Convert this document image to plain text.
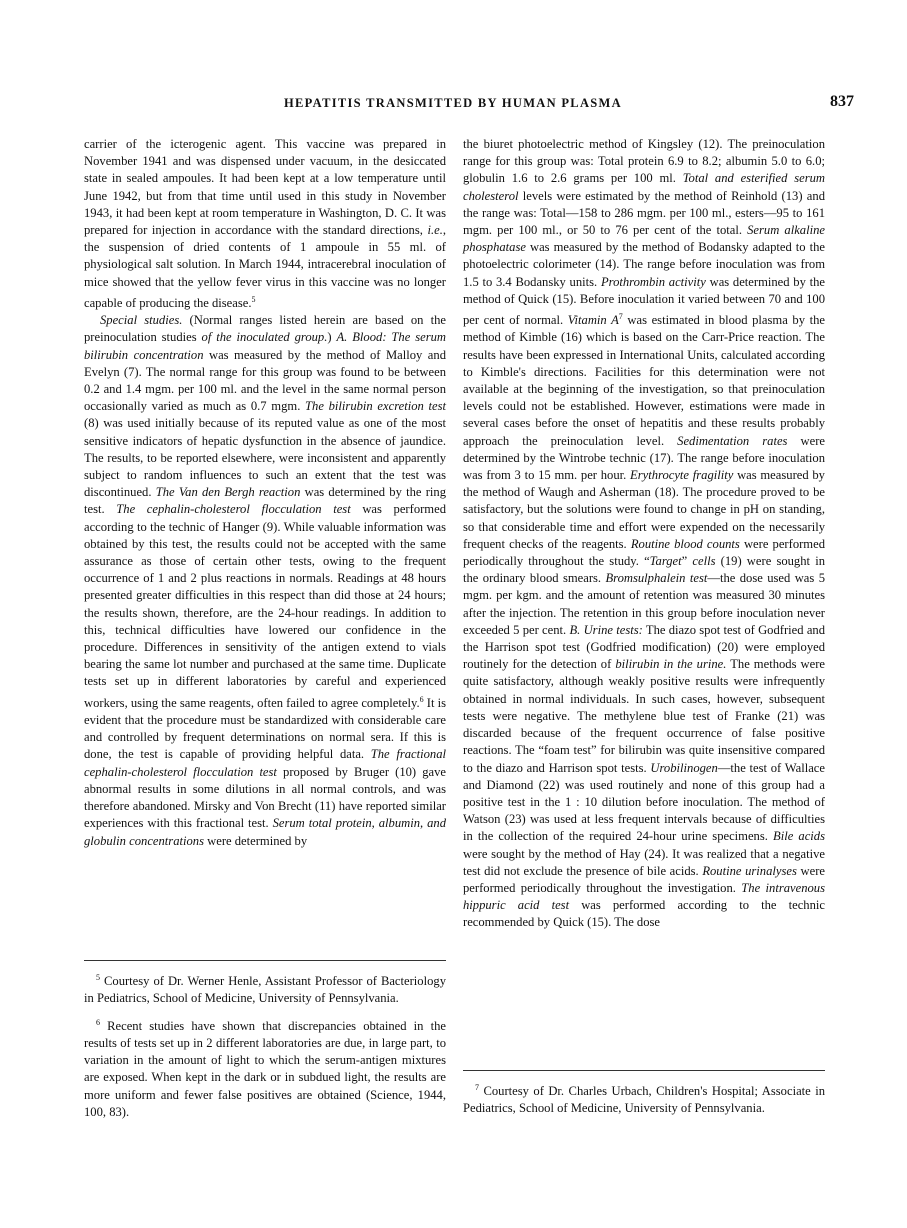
HEPATITIS TRANSMITTED BY HUMAN PLASMA	837

carrier of the icterogenic agent. This vaccine was prepared in November 1941 and was dispensed under vacuum, in the desiccated state in sealed ampoules. It had been kept at a low temperature until June 1942, but from that time until used in this study in November 1943, it had been kept at room temperature in Washington, D. C. It was prepared for injection in accordance with the standard directions, i.e., the suspension of dried contents of 1 ampoule in 55 ml. of physiological salt solution. In March 1944, intracerebral inoculation of mice showed that the yellow fever virus in this vaccine was no longer capable of producing the disease.$^5$

Special studies. (Normal ranges listed herein are based on the preinoculation studies of the inoculated group.) A. Blood: The serum bilirubin concentration was measured by the method of Malloy and Evelyn (7). The normal range for this group was found to be between 0.2 and 1.4 mgm. per 100 ml. and the level in the same normal person occasionally varied as much as 0.7 mgm. The bilirubin excretion test (8) was used initially because of its reputed value as one of the most sensitive indicators of hepatic dysfunction in the absence of jaundice. The results, to be reported elsewhere, were inconsistent and apparently subject to random influences to such an extent that the test was discontinued. The Van den Bergh reaction was determined by the ring test. The cephalin-cholesterol flocculation test was performed according to the technic of Hanger (9). While valuable information was obtained by this test, the results could not be accepted with the same assurance as those of certain other tests, owing to the frequent occurrence of 1 and 2 plus reactions in normals. Readings at 48 hours presented greater difficulties in this respect than did those at 24 hours; the results shown, therefore, are the 24-hour readings. In addition to this, technical difficulties have lowered our confidence in the procedure. Differences in sensitivity of the antigen extend to vials bearing the same lot number and purchased at the same time. Duplicate tests set up in different laboratories by careful and experienced workers, using the same reagents, often failed to agree completely.$^6$ It is evident that the procedure must be standardized with considerable care and controlled by frequent determinations on normal sera. If this is done, the test is capable of providing helpful data. The fractional cephalin-cholesterol flocculation test proposed by Bruger (10) gave abnormal results in some dilutions in all normal controls, and was therefore abandoned. Mirsky and Von Brecht (11) have reported similar experiences with this fractional test. Serum total protein, albumin, and globulin concentrations were determined by

the biuret photoelectric method of Kingsley (12). The preinoculation range for this group was: Total protein 6.9 to 8.2; albumin 5.0 to 6.0; globulin 1.6 to 2.6 grams per 100 ml. Total and esterified serum cholesterol levels were estimated by the method of Reinhold (13) and the range was: Total—158 to 286 mgm. per 100 ml., esters—95 to 161 mgm. per 100 ml., or 50 to 76 per cent of the total. Serum alkaline phosphatase was measured by the method of Bodansky adapted to the photoelectric colorimeter (14). The range before inoculation was from 1.5 to 3.4 Bodansky units. Prothrombin activity was determined by the method of Quick (15). Before inoculation it varied between 70 and 100 per cent of normal. Vitamin $A^7$ was estimated in blood plasma by the method of Kimble (16) which is based on the Carr-Price reaction. The results have been expressed in International Units, calculated according to Kimble's directions. Facilities for this determination were not available at the beginning of the investigation, so that preinoculation levels could not be established. However, estimations were made in several cases before the onset of hepatitis and these results probably approach the preinoculation level. Sedimentation rates were determined by the Wintrobe technic (17). The range before inoculation was from 3 to 15 mm. per hour. Erythrocyte fragility was measured by the method of Waugh and Asherman (18). The procedure proved to be satisfactory, but the solutions were found to change in pH on standing, so that considerable time and effort were expended on the necessarily frequent checks of the reagents. Routine blood counts were performed periodically throughout the study. “Target” cells (19) were sought in the ordinary blood smears. Bromsulphalein test—the dose used was 5 mgm. per kgm. and the amount of retention was measured 30 minutes after the injection. The retention in this group before inoculation never exceeded 5 per cent. B. Urine tests: The diazo spot test of Godfried and the Harrison spot test (Godfried modification) (20) were employed routinely for the detection of bilirubin in the urine. The methods were quite satisfactory, although weakly positive results were infrequently obtained in normal individuals. In such cases, however, subsequent tests were negative. The methylene blue test of Franke (21) was discarded because of the frequent occurrence of false positive reactions. The “foam test” for bilirubin was quite insensitive compared to the diazo and Harrison spot tests. Urobilinogen—the test of Wallace and Diamond (22) was used routinely and none of this group had a positive test in the 1 : 10 dilution before inoculation. The method of Watson (23) was used at less frequent intervals because of difficulties in the collection of the required 24-hour urine specimens. Bile acids were sought by the method of Hay (24). It was realized that a negative test did not exclude the presence of bile acids. Routine urinalyses were performed periodically throughout the investigation. The intravenous hippuric acid test was performed according to the technic recommended by Quick (15). The dose

$^5$ Courtesy of Dr. Werner Henle, Assistant Professor of Bacteriology in Pediatrics, School of Medicine, University of Pennsylvania.

$^6$ Recent studies have shown that discrepancies obtained in the results of tests set up in 2 different laboratories are due, in large part, to variation in the amount of light to which the serum-antigen mixtures are exposed. When kept in the dark or in subdued light, the results are more uniform and fewer false positives are obtained (Science, 1944, 100, 83).

$^7$ Courtesy of Dr. Charles Urbach, Children's Hospital; Associate in Pediatrics, School of Medicine, University of Pennsylvania.
